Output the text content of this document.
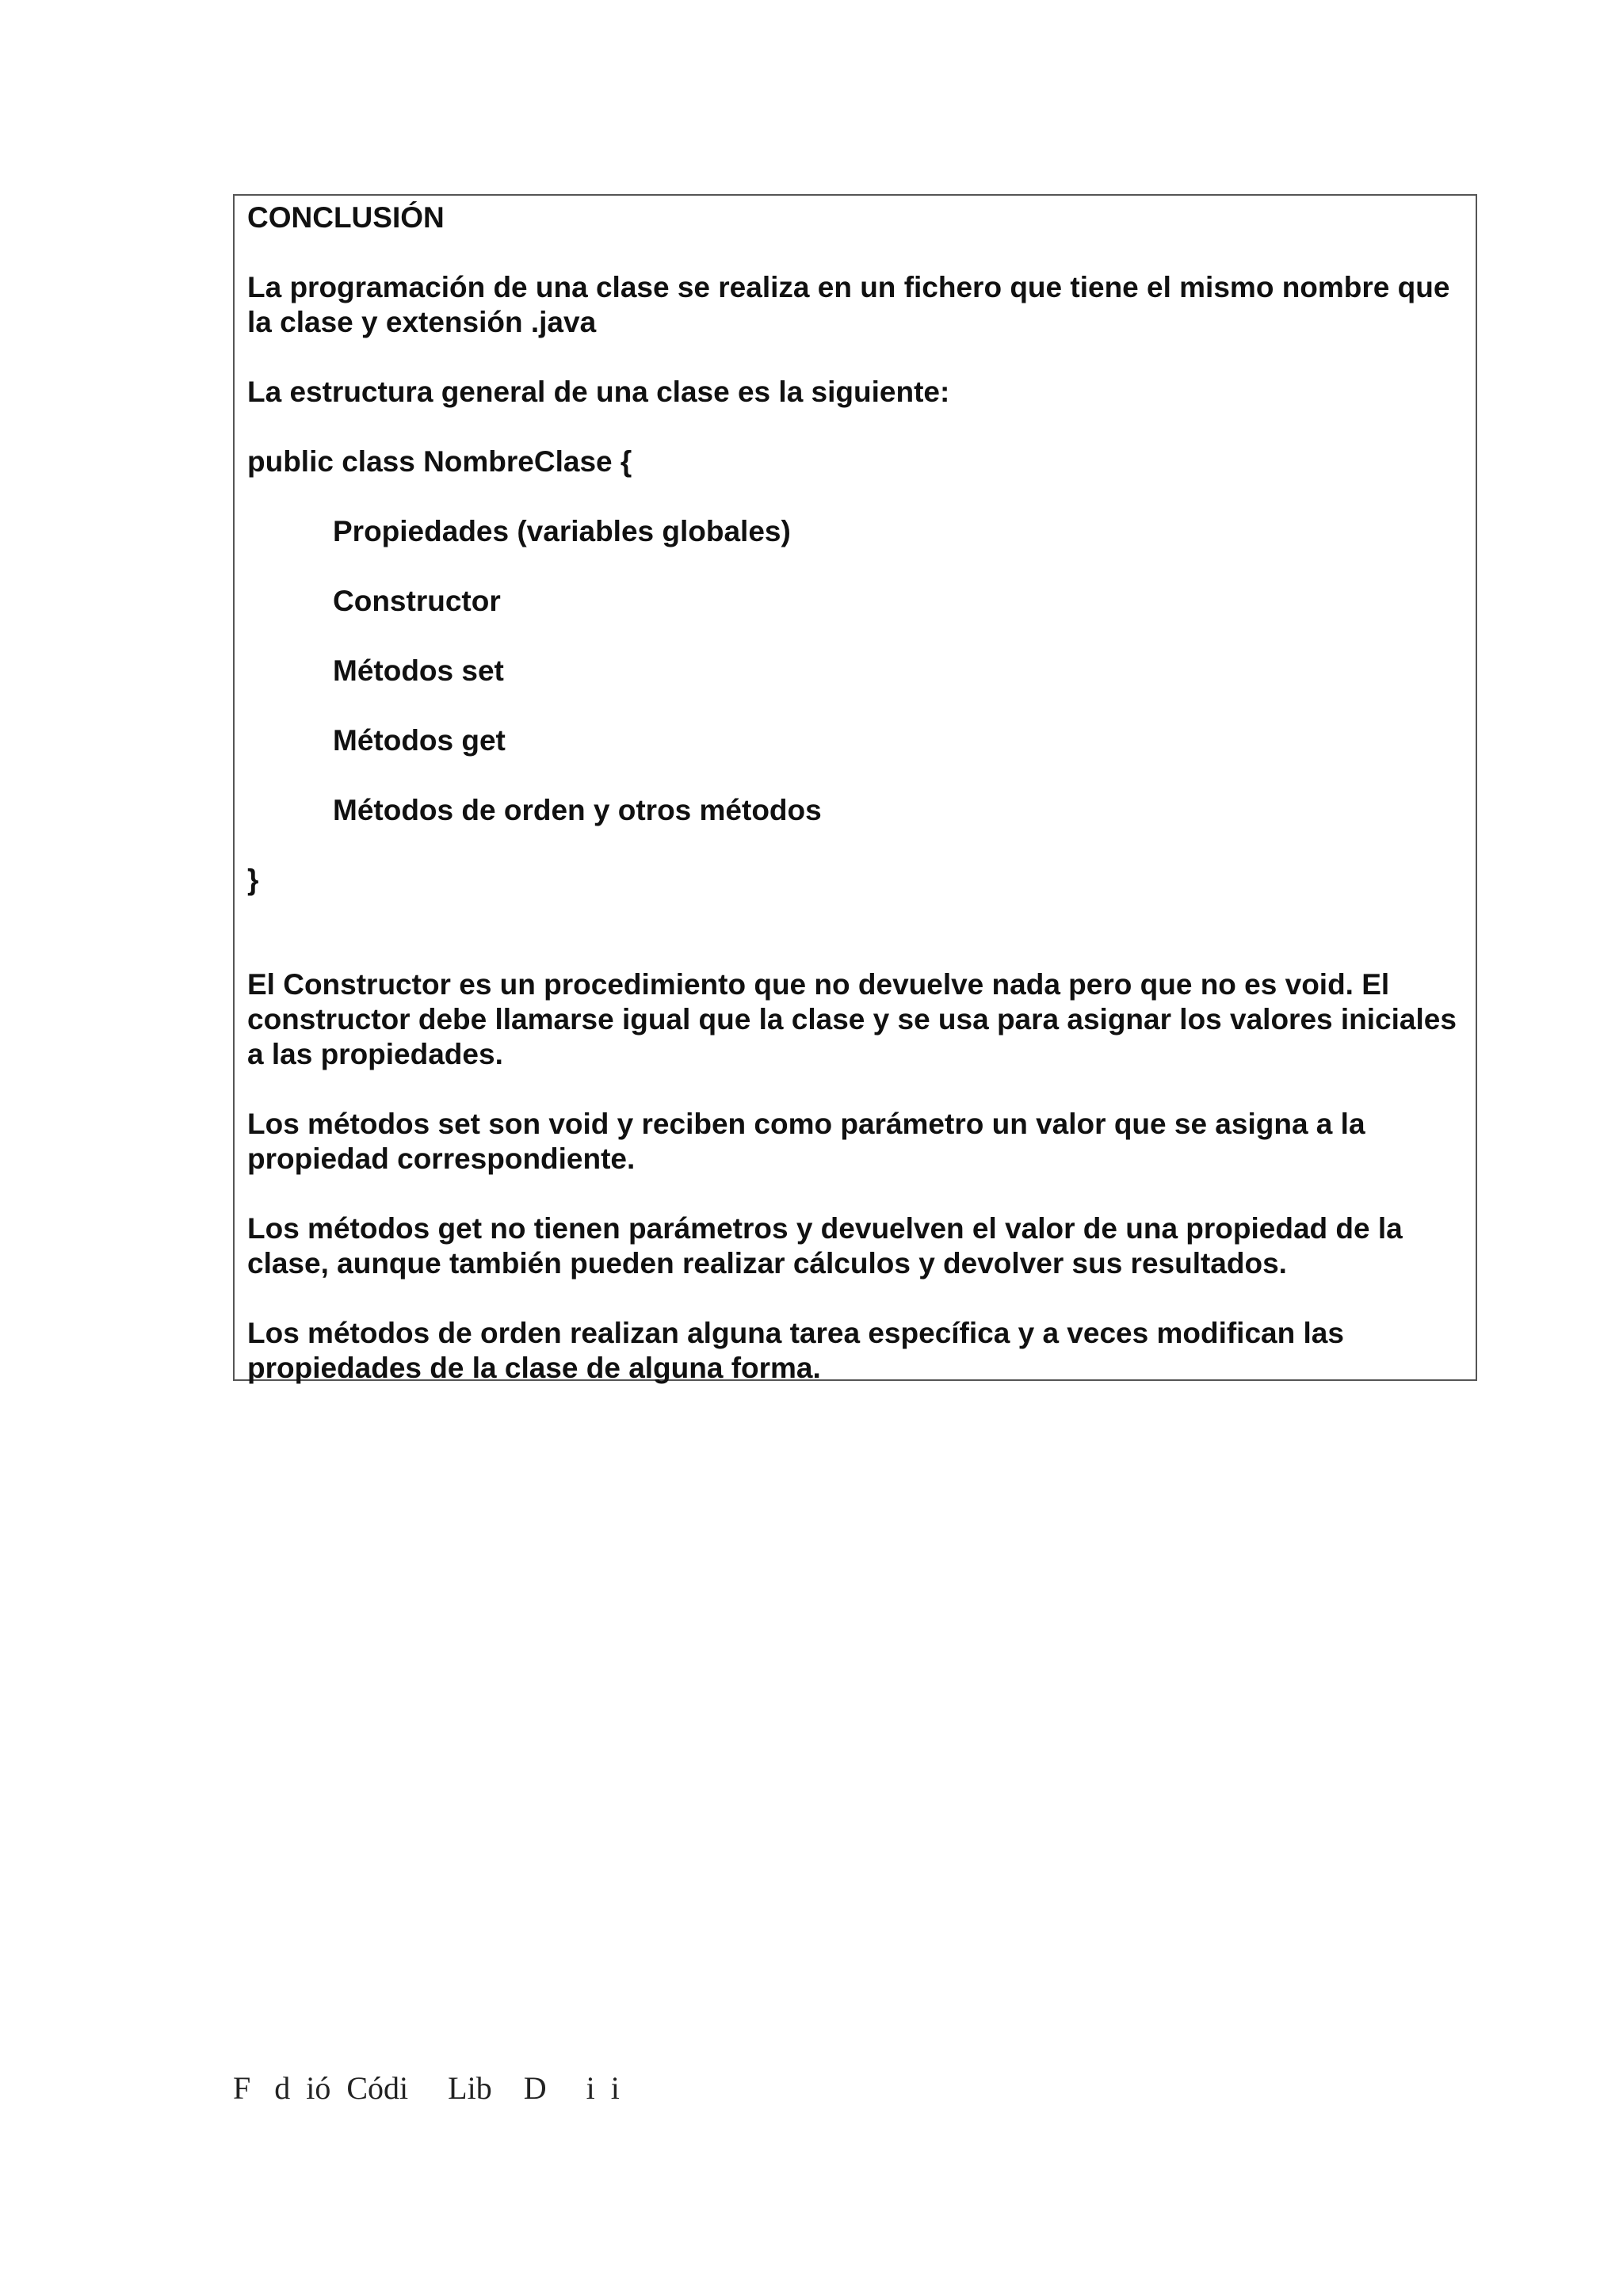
CONCLUSIÓN

La programación de una clase se realiza en un fichero que tiene el mismo nombre que la clase y extensión .java

La estructura general de una clase es la siguiente:

public class NombreClase {

Propiedades (variables globales)

Constructor

Métodos set

Métodos get

Métodos de orden y otros métodos

}

El Constructor es un procedimiento que no devuelve nada pero que no es void. El constructor debe llamarse igual que la clase y se usa para asignar los valores iniciales a las propiedades.

Los métodos set son void y reciben como parámetro un valor que se asigna a la propiedad correspondiente.

Los métodos get no tienen parámetros y devuelven el valor de una propiedad de la clase, aunque también pueden realizar cálculos y devolver sus resultados.

Los métodos de orden realizan alguna tarea específica y a veces modifican las propiedades de la clase de alguna forma.

F   d  ió  Códi     Lib    D     i  i
